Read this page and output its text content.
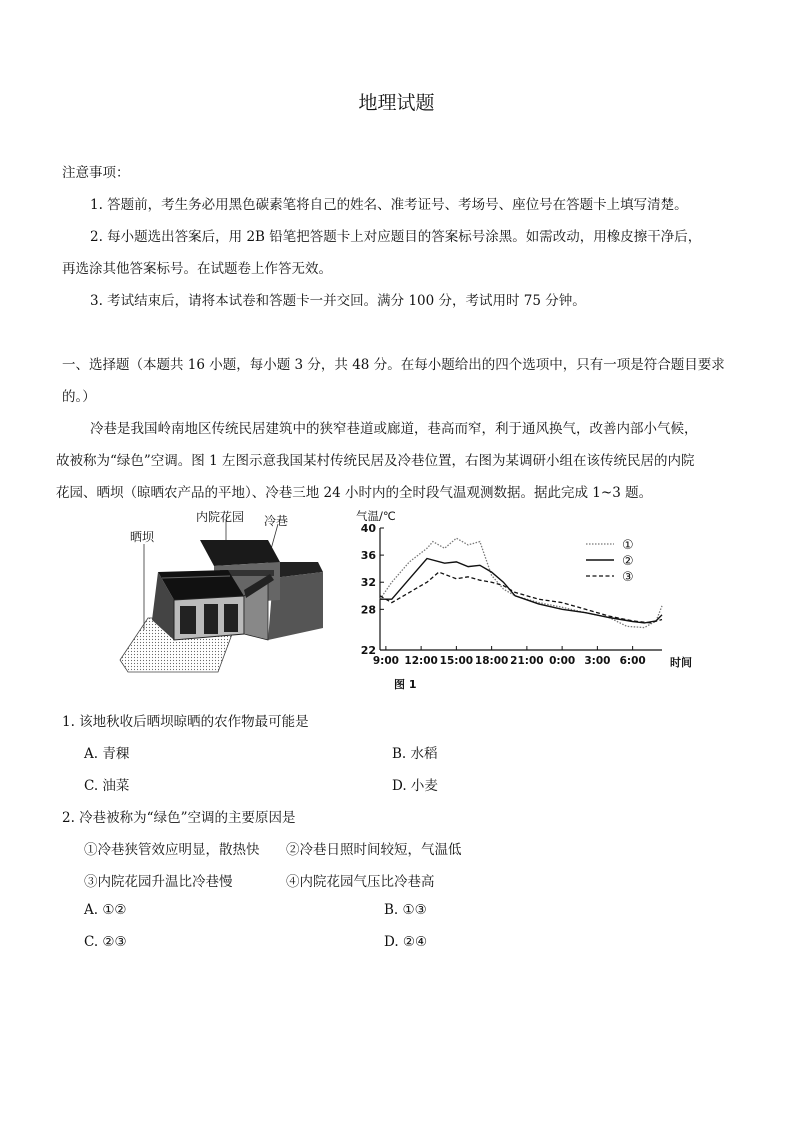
地理试题
注意事项：
1. 答题前，考生务必用黑色碳素笔将自己的姓名、准考证号、考场号、座位号在答题卡上填写清楚。
2. 每小题选出答案后，用 2B 铅笔把答题卡上对应题目的答案标号涂黑。如需改动，用橡皮擦干净后，
再选涂其他答案标号。在试题卷上作答无效。
3. 考试结束后，请将本试卷和答题卡一并交回。满分 100 分，考试用时 75 分钟。
一、选择题（本题共 16 小题，每小题 3 分，共 48 分。在每小题给出的四个选项中，只有一项是符合题目要求
的。）
冷巷是我国岭南地区传统民居建筑中的狭窄巷道或廊道，巷高而窄，利于通风换气，改善内部小气候，
故被称为“绿色”空调。图 1 左图示意我国某村传统民居及冷巷位置，右图为某调研小组在该传统民居的内院
花园、晒坝（晾晒农产品的平地）、冷巷三地 24 小时内的全时段气温观测数据。据此完成 1~3 题。
晒坝
内院花园 冷巷
22
28
32
36
40
9:00 12:00 15:00 18:00 21:00 0:00 3:00 6:00
①
②
③
气温/℃
时间
图 1
1. 该地秋收后晒坝晾晒的农作物最可能是
A. 青稞	B. 水稻
C. 油菜	D. 小麦
2. 冷巷被称为“绿色”空调的主要原因是
①冷巷狭管效应明显，散热快 ②冷巷日照时间较短，气温低
③内院花园升温比冷巷慢	④内院花园气压比冷巷高
A. ①②	B. ①③
C. ②③	D. ②④
